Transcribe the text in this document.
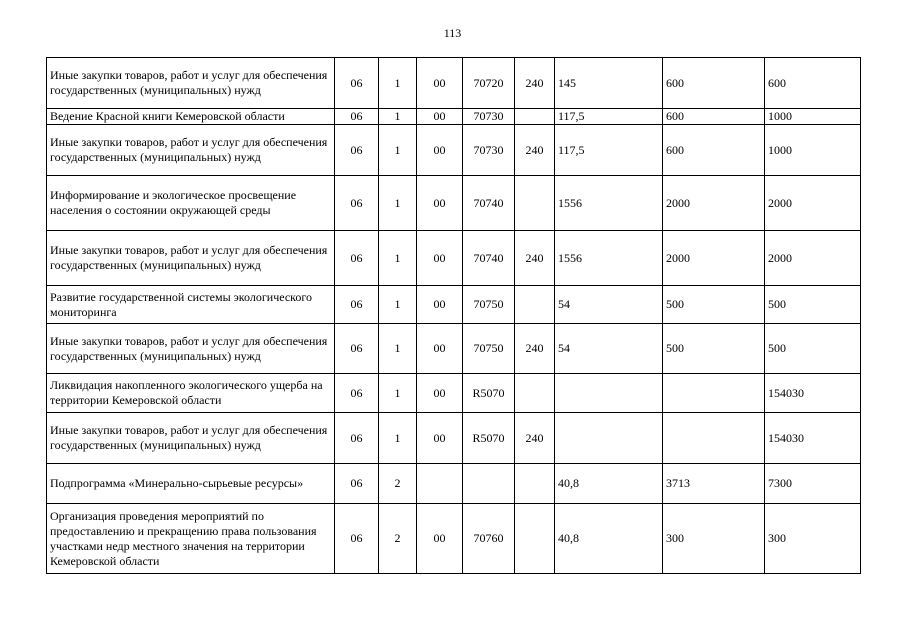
113
Иные закупки товаров, работ и услуг для обеспечения государственных (муниципальных) нужд	06	1	00	70720	240	145	600	600
Ведение Красной книги Кемеровской области	06	1	00	70730		117,5	600	1000
Иные закупки товаров, работ и услуг для обеспечения государственных (муниципальных) нужд	06	1	00	70730	240	117,5	600	1000
Информирование и экологическое просвещение населения о состоянии окружающей среды	06	1	00	70740		1556	2000	2000
Иные закупки товаров, работ и услуг для обеспечения государственных (муниципальных) нужд	06	1	00	70740	240	1556	2000	2000
Развитие государственной системы экологического мониторинга	06	1	00	70750		54	500	500
Иные закупки товаров, работ и услуг для обеспечения государственных (муниципальных) нужд	06	1	00	70750	240	54	500	500
Ликвидация накопленного экологического ущерба на территории Кемеровской области	06	1	00	R5070				154030
Иные закупки товаров, работ и услуг для обеспечения государственных (муниципальных) нужд	06	1	00	R5070	240			154030
Подпрограмма «Минерально-сырьевые ресурсы»	06	2				40,8	3713	7300
Организация проведения мероприятий по предоставлению и прекращению права пользования участками недр местного значения на территории Кемеровской области	06	2	00	70760		40,8	300	300
